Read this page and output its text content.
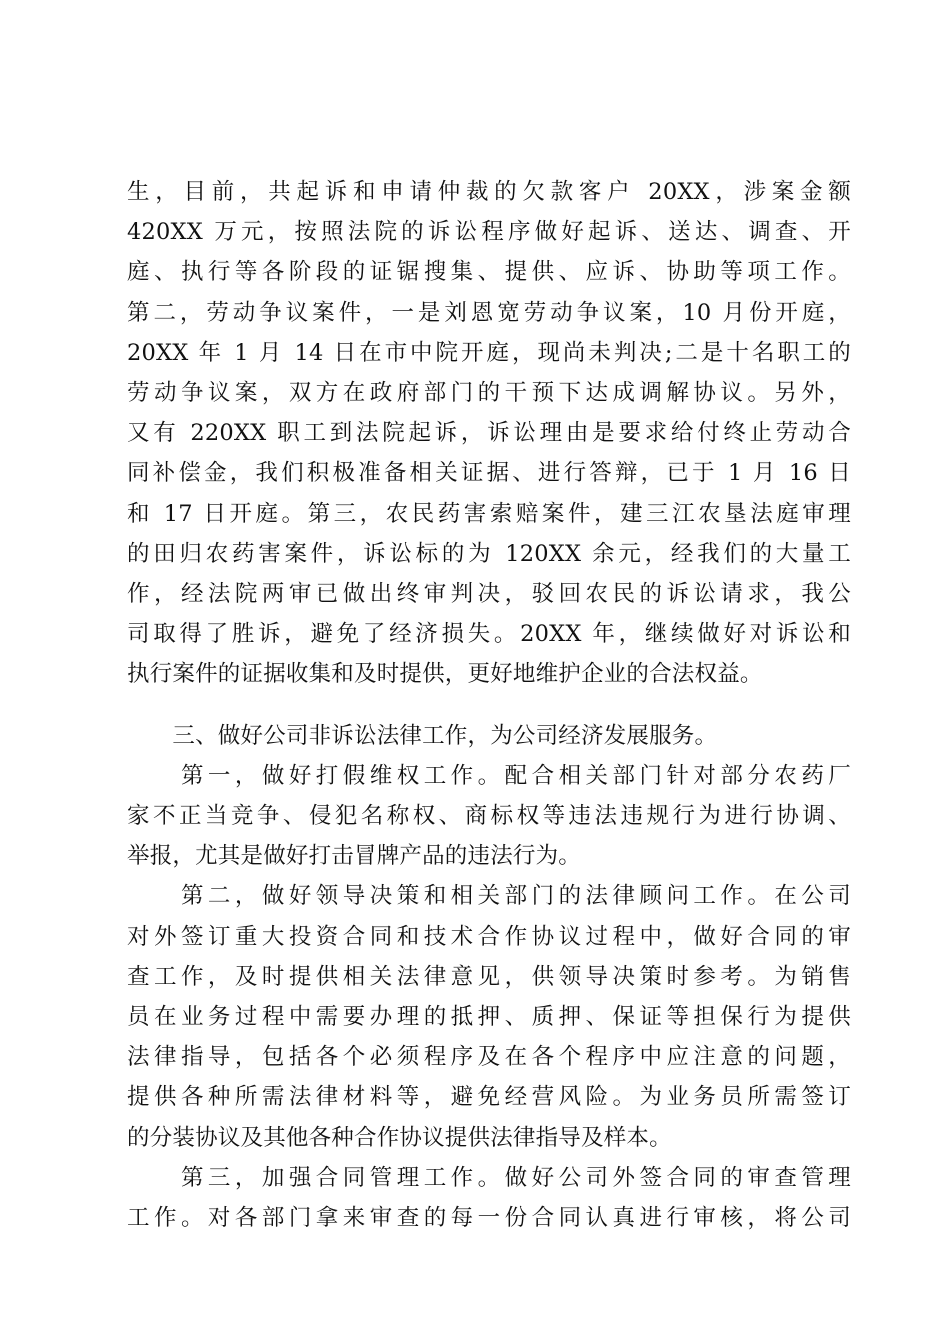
生，目前，共起诉和申请仲裁的欠款客户 20XX，涉案金额
420XX 万元，按照法院的诉讼程序做好起诉、送达、调查、开
庭、执行等各阶段的证锯搜集、提供、应诉、协助等项工作。
第二，劳动争议案件，一是刘恩宽劳动争议案，10 月份开庭，
20XX 年 1 月 14 日在市中院开庭，现尚未判决;二是十名职工的
劳动争议案，双方在政府部门的干预下达成调解协议。另外，
又有 220XX 职工到法院起诉，诉讼理由是要求给付终止劳动合
同补偿金，我们积极准备相关证据、进行答辩，已于 1 月 16 日
和 17 日开庭。第三，农民药害索赔案件，建三江农垦法庭审理
的田归农药害案件，诉讼标的为 120XX 余元，经我们的大量工
作，经法院两审已做出终审判决，驳回农民的诉讼请求，我公
司取得了胜诉，避免了经济损失。20XX 年，继续做好对诉讼和
执行案件的证据收集和及时提供，更好地维护企业的合法权益。
　　三、做好公司非诉讼法律工作，为公司经济发展服务。
　　第一，做好打假维权工作。配合相关部门针对部分农药厂
家不正当竞争、侵犯名称权、商标权等违法违规行为进行协调、
举报，尤其是做好打击冒牌产品的违法行为。
　　第二，做好领导决策和相关部门的法律顾问工作。在公司
对外签订重大投资合同和技术合作协议过程中，做好合同的审
查工作，及时提供相关法律意见，供领导决策时参考。为销售
员在业务过程中需要办理的抵押、质押、保证等担保行为提供
法律指导，包括各个必须程序及在各个程序中应注意的问题，
提供各种所需法律材料等，避免经营风险。为业务员所需签订
的分装协议及其他各种合作协议提供法律指导及样本。
　　第三，加强合同管理工作。做好公司外签合同的审查管理
工作。对各部门拿来审查的每一份合同认真进行审核，将公司
